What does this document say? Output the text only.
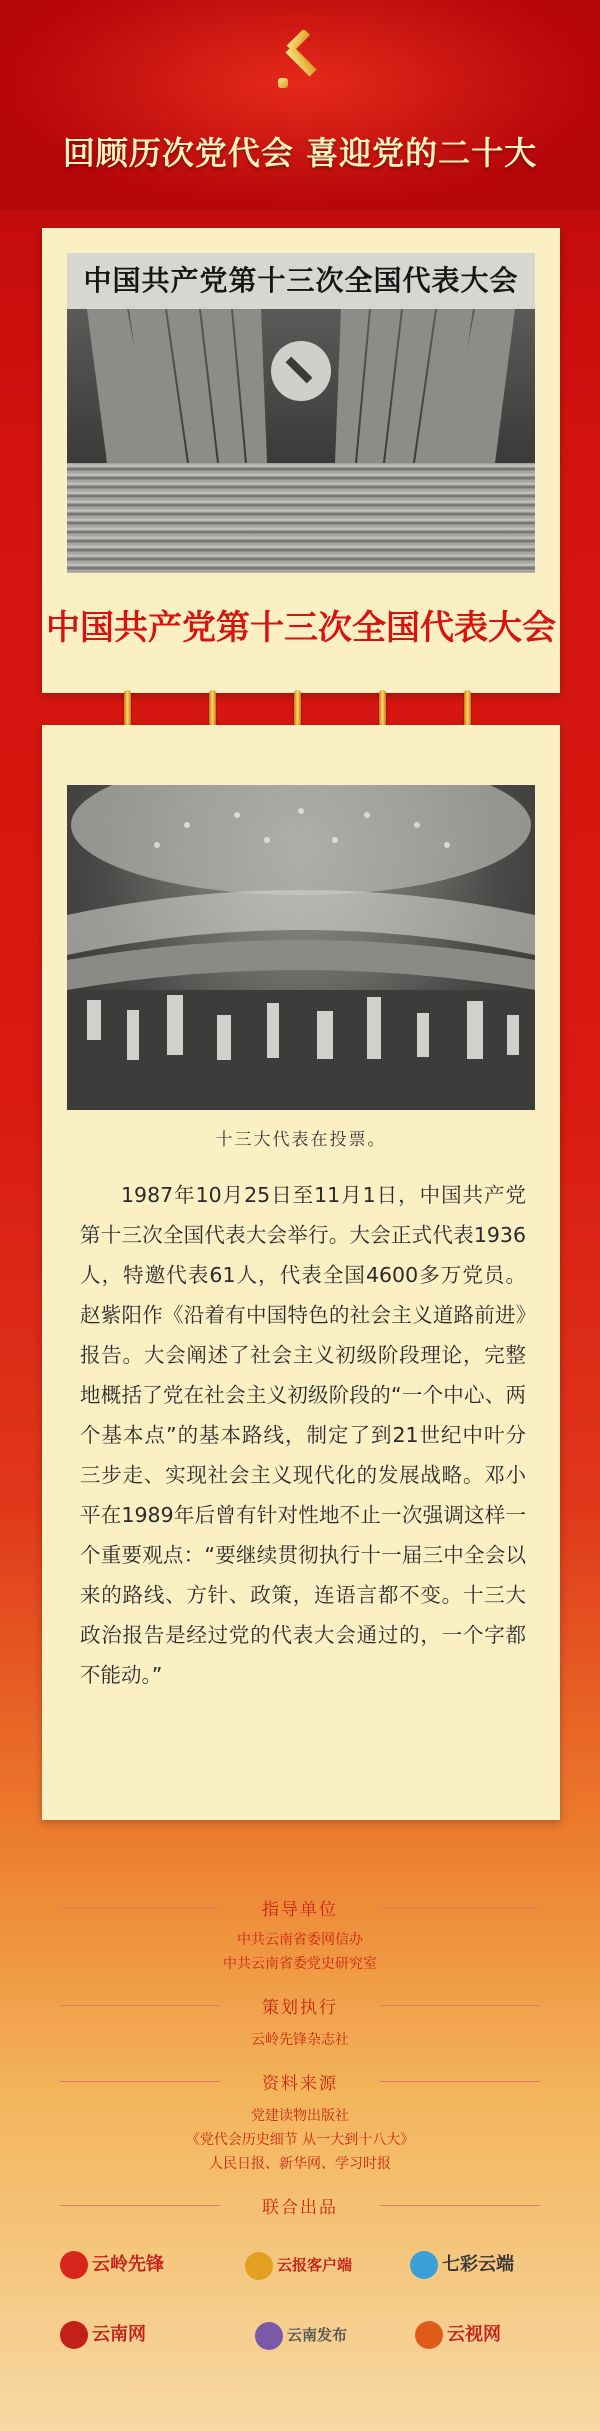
回顾历次党代会 喜迎党的二十大
中国共产党第十三次全国代表大会
中国共产党第十三次全国代表大会
十三大代表在投票。
1987年10月25日至11月1日，中国共产党第十三次全国代表大会举行。大会正式代表1936人，特邀代表61人，代表全国4600多万党员。赵紫阳作《沿着有中国特色的社会主义道路前进》报告。大会阐述了社会主义初级阶段理论，完整地概括了党在社会主义初级阶段的“一个中心、两个基本点”的基本路线，制定了到21世纪中叶分三步走、实现社会主义现代化的发展战略。邓小平在1989年后曾有针对性地不止一次强调这样一个重要观点：“要继续贯彻执行十一届三中全会以来的路线、方针、政策，连语言都不变。十三大政治报告是经过党的代表大会通过的，一个字都不能动。”
指导单位
中共云南省委网信办
中共云南省委党史研究室
策划执行
云岭先锋杂志社
资料来源
党建读物出版社
《党代会历史细节 从一大到十八大》
人民日报、新华网、学习时报
联合出品
云岭先锋	云报客户端	七彩云端
云南网	云南发布	云视网
